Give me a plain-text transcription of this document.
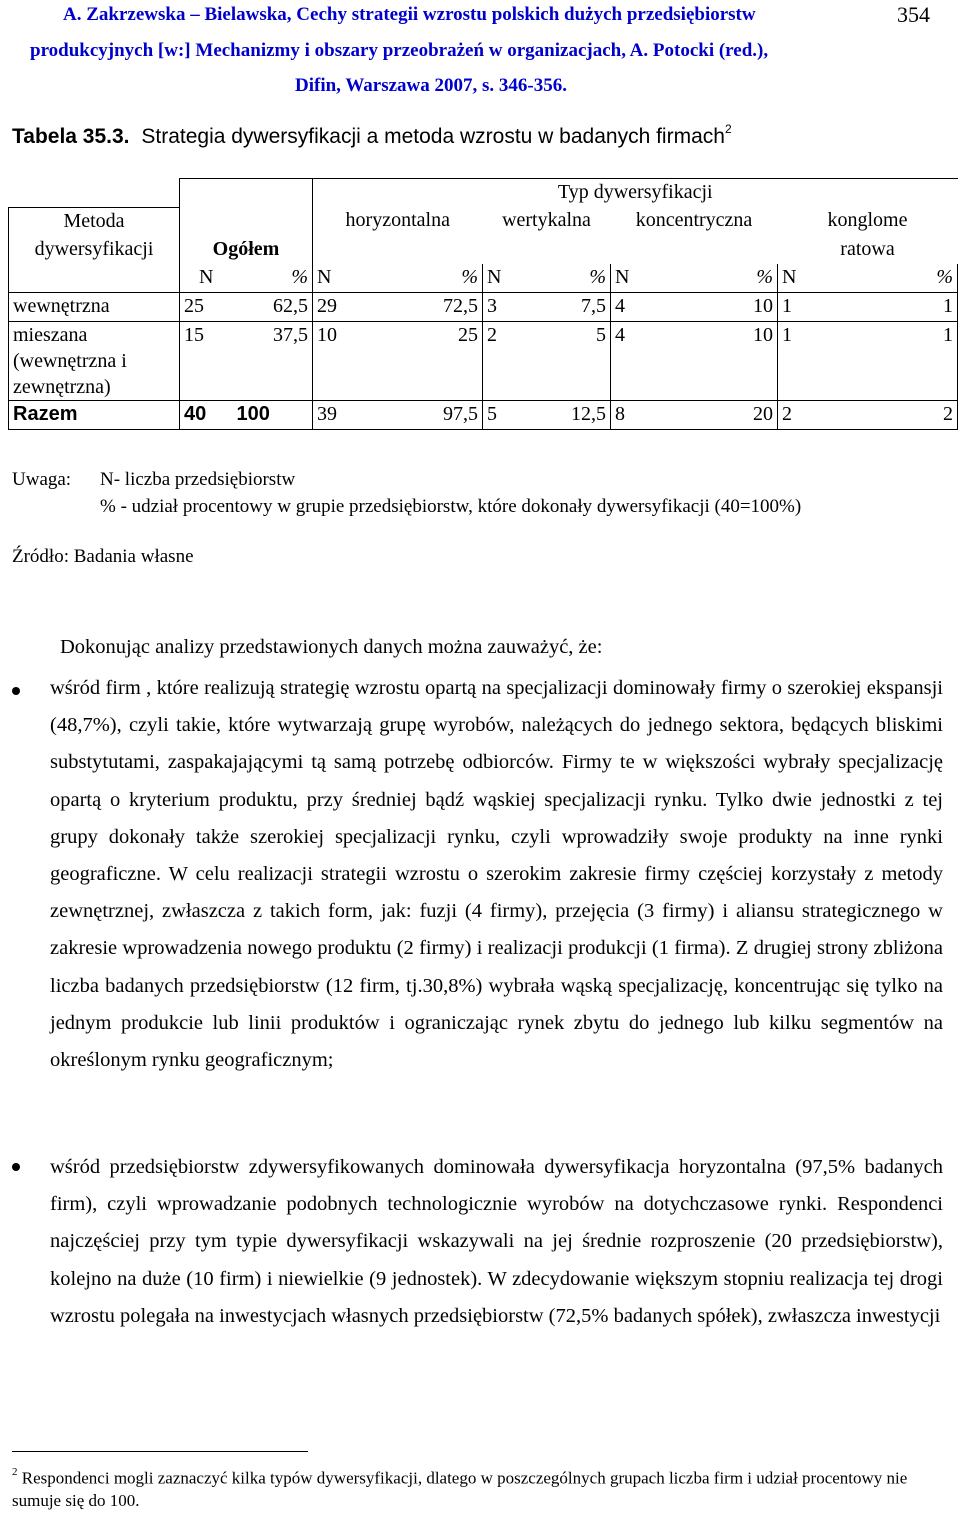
A. Zakrzewska – Bielawska, Cechy strategii wzrostu polskich dużych przedsiębiorstw
produkcyjnych [w:] Mechanizmy i obszary przeobrażeń w organizacjach, A. Potocki (red.),
Difin, Warszawa 2007, s. 346-356.
354
Tabela 35.3. Strategia dywersyfikacji a metoda wzrostu w badanych firmach$^2$
			Typ dywersyfikacji							
Metoda			horyzontalna		wertykalna		koncentryczna		konglome	
dywersyfikacji	Ogółem								ratowa	
	N	%	N	%	N	%	N	%	N	%
wewnętrzna	25	62,5	29	72,5	3	7,5	4	10	1	1

mieszana
(wewnętrzna i
zewnętrzna)	15	37,5	10	25	2	5	4	10	1	1
Razem	40	100	39	97,5	5	12,5	8	20	2	2
Uwaga: N- liczba przedsiębiorstw
% - udział procentowy w grupie przedsiębiorstw, które dokonały dywersyfikacji (40=100%)
Źródło: Badania własne
Dokonując analizy przedstawionych danych można zauważyć, że:
wśród firm , które realizują strategię wzrostu opartą na specjalizacji dominowały firmy o szerokiej ekspansji (48,7%), czyli takie, które wytwarzają grupę wyrobów, należących do jednego sektora, będących bliskimi substytutami, zaspakajającymi tą samą potrzebę odbiorców. Firmy te w większości wybrały specjalizację opartą o kryterium produktu, przy średniej bądź wąskiej specjalizacji rynku. Tylko dwie jednostki z tej grupy dokonały także szerokiej specjalizacji rynku, czyli wprowadziły swoje produkty na inne rynki geograficzne. W celu realizacji strategii wzrostu o szerokim zakresie firmy częściej korzystały z metody zewnętrznej, zwłaszcza z takich form, jak: fuzji (4 firmy), przejęcia (3 firmy) i aliansu strategicznego w zakresie wprowadzenia nowego produktu (2 firmy) i realizacji produkcji (1 firma). Z drugiej strony zbliżona liczba badanych przedsiębiorstw (12 firm, tj.30,8%) wybrała wąską specjalizację, koncentrując się tylko na jednym produkcie lub linii produktów i ograniczając rynek zbytu do jednego lub kilku segmentów na określonym rynku geograficznym;
wśród przedsiębiorstw zdywersyfikowanych dominowała dywersyfikacja horyzontalna (97,5% badanych firm), czyli wprowadzanie podobnych technologicznie wyrobów na dotychczasowe rynki. Respondenci najczęściej przy tym typie dywersyfikacji wskazywali na jej średnie rozproszenie (20 przedsiębiorstw), kolejno na duże (10 firm) i niewielkie (9 jednostek). W zdecydowanie większym stopniu realizacja tej drogi wzrostu polegała na inwestycjach własnych przedsiębiorstw (72,5% badanych spółek), zwłaszcza inwestycji
$^2$ Respondenci mogli zaznaczyć kilka typów dywersyfikacji, dlatego w poszczególnych grupach liczba firm i udział procentowy nie sumuje się do 100.
